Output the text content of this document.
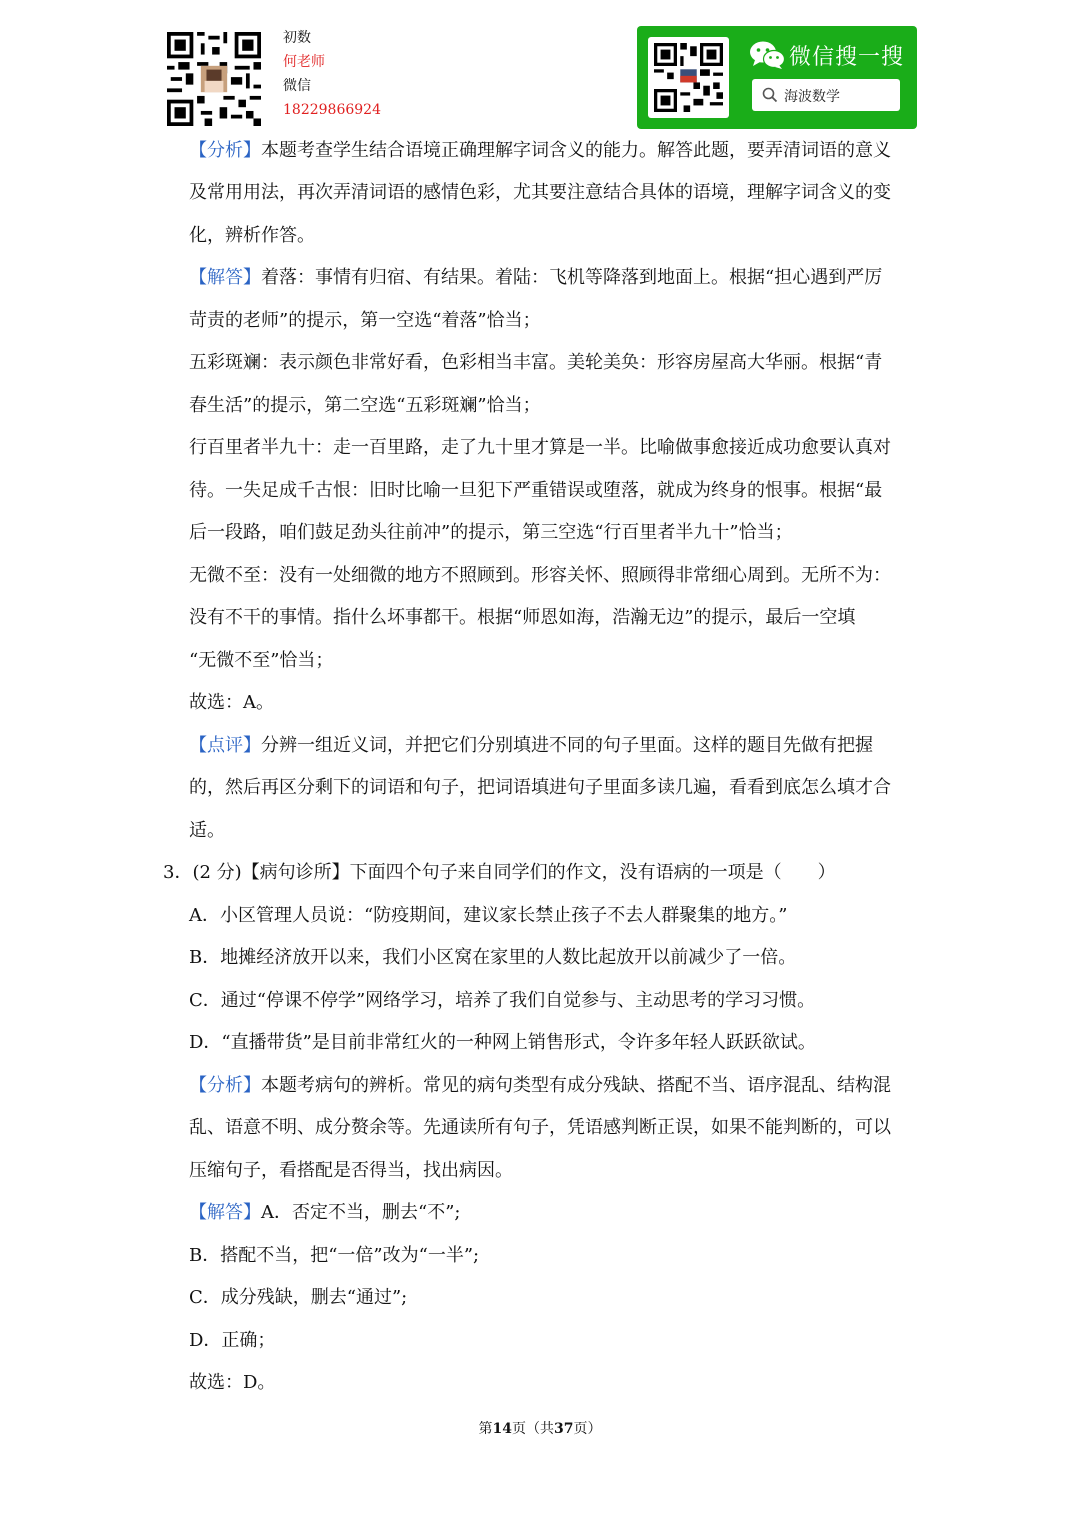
初数
何老师
微信
18229866924
微信搜一搜
海波数学
【分析】本题考查学生结合语境正确理解字词含义的能力。解答此题，要弄清词语的意义
及常用用法，再次弄清词语的感情色彩，尤其要注意结合具体的语境，理解字词含义的变
化，辨析作答。
【解答】着落：事情有归宿、有结果。着陆：飞机等降落到地面上。根据“担心遇到严厉
苛责的老师”的提示，第一空选“着落”恰当；
五彩斑斓：表示颜色非常好看，色彩相当丰富。美轮美奂：形容房屋高大华丽。根据“青
春生活”的提示，第二空选“五彩斑斓”恰当；
行百里者半九十：走一百里路，走了九十里才算是一半。比喻做事愈接近成功愈要认真对
待。一失足成千古恨：旧时比喻一旦犯下严重错误或堕落，就成为终身的恨事。根据“最
后一段路，咱们鼓足劲头往前冲”的提示，第三空选“行百里者半九十”恰当；
无微不至：没有一处细微的地方不照顾到。形容关怀、照顾得非常细心周到。无所不为：
没有不干的事情。指什么坏事都干。根据“师恩如海，浩瀚无边”的提示，最后一空填
“无微不至”恰当；
故选：A。
【点评】分辨一组近义词，并把它们分别填进不同的句子里面。这样的题目先做有把握
的，然后再区分剩下的词语和句子，把词语填进句子里面多读几遍，看看到底怎么填才合
适。
3．(2 分)【病句诊所】下面四个句子来自同学们的作文，没有语病的一项是（　　）
A．小区管理人员说：“防疫期间，建议家长禁止孩子不去人群聚集的地方。”
B．地摊经济放开以来，我们小区窝在家里的人数比起放开以前减少了一倍。
C．通过“停课不停学”网络学习，培养了我们自觉参与、主动思考的学习习惯。
D．“直播带货”是目前非常红火的一种网上销售形式，令许多年轻人跃跃欲试。
【分析】本题考病句的辨析。常见的病句类型有成分残缺、搭配不当、语序混乱、结构混
乱、语意不明、成分赘余等。先通读所有句子，凭语感判断正误，如果不能判断的，可以
压缩句子，看搭配是否得当，找出病因。
【解答】A．否定不当，删去“不”;
B．搭配不当，把“一倍”改为“一半”;
C．成分残缺，删去“通过”;
D．正确；
故选：D。
第14页（共37页）
